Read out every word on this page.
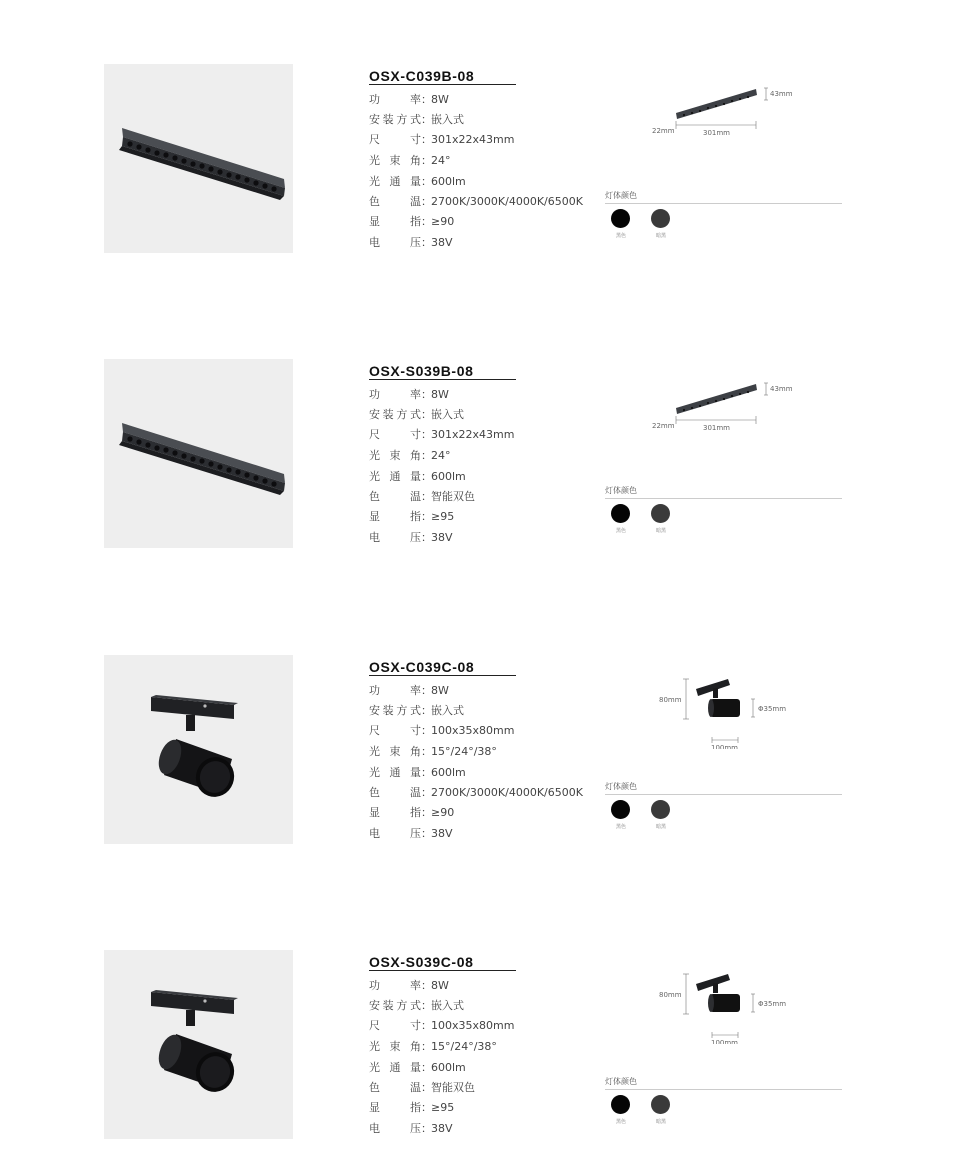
OSX-C039B-08
功率：8W
安装方式：嵌入式
尺寸：301x22x43mm
光束角：24°
光通量：600lm
色温：2700K/3000K/4000K/6500K
显指：≥90
电压：38V
43mm
22mm	301mm
灯体颜色
黑色	暗黑
OSX-S039B-08
功率：8W
安装方式：嵌入式
尺寸：301x22x43mm
光束角：24°
光通量：600lm
色温：智能双色
显指：≥95
电压：38V
43mm
22mm	301mm
灯体颜色
黑色	暗黑
OSX-C039C-08
功率：8W
安装方式：嵌入式
尺寸：100x35x80mm
光束角：15°/24°/38°
光通量：600lm
色温：2700K/3000K/4000K/6500K
显指：≥90
电压：38V
80mm
Φ35mm
100mm
灯体颜色
黑色	暗黑
OSX-S039C-08
功率：8W
安装方式：嵌入式
尺寸：100x35x80mm
光束角：15°/24°/38°
光通量：600lm
色温：智能双色
显指：≥95
电压：38V
80mm
Φ35mm
100mm
灯体颜色
黑色	暗黑
